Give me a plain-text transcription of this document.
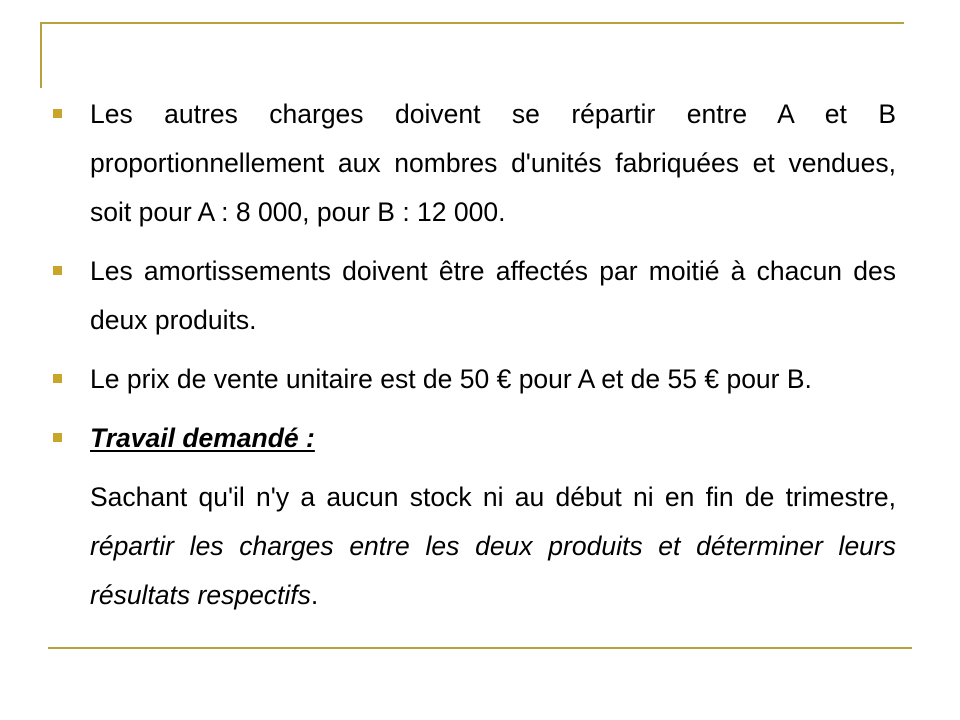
Les autres charges doivent se répartir entre A et B proportionnellement aux nombres d'unités fabriquées et vendues, soit pour A : 8 000, pour B : 12 000.
Les amortissements doivent être affectés par moitié à chacun des deux produits.
Le prix de vente unitaire est de 50 € pour A et de 55 € pour B.
Travail demandé :
Sachant qu'il n'y a aucun stock ni au début ni en fin de trimestre, répartir les charges entre les deux produits et déterminer leurs résultats respectifs.
